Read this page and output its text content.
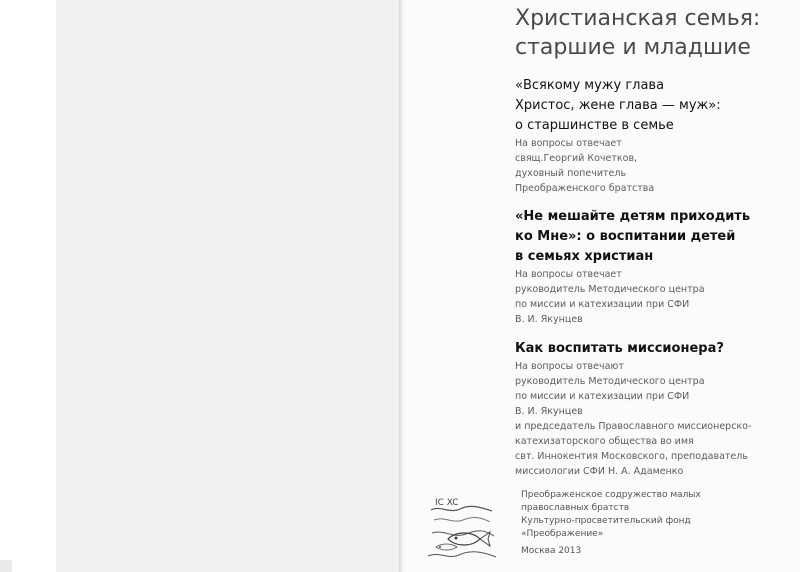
Христианская семья:
старшие и младшие
«Всякому мужу глава
Христос, жене глава — муж»:
о старшинстве в семье

На вопросы отвечает
свящ.Георгий Кочетков,
духовный попечитель
Преображенского братства

«Не мешайте детям приходить
ко Мне»: о воспитании детей
в семьях христиан

На вопросы отвечает
руководитель Методического центра
по миссии и катехизации при СФИ
В. И. Якунцев

Как воспитать миссионера?

На вопросы отвечают
руководитель Методического центра
по миссии и катехизации при СФИ
В. И. Якунцев
и председатель Православного миссионерско-
катехизаторского общества во имя
свт. Иннокентия Московского, преподаватель
миссиологии СФИ Н. А. Адаменко

IC XC
Преображенское содружество малых
православных братств
Культурно-просветительский фонд
«Преображение»
Москва 2013
